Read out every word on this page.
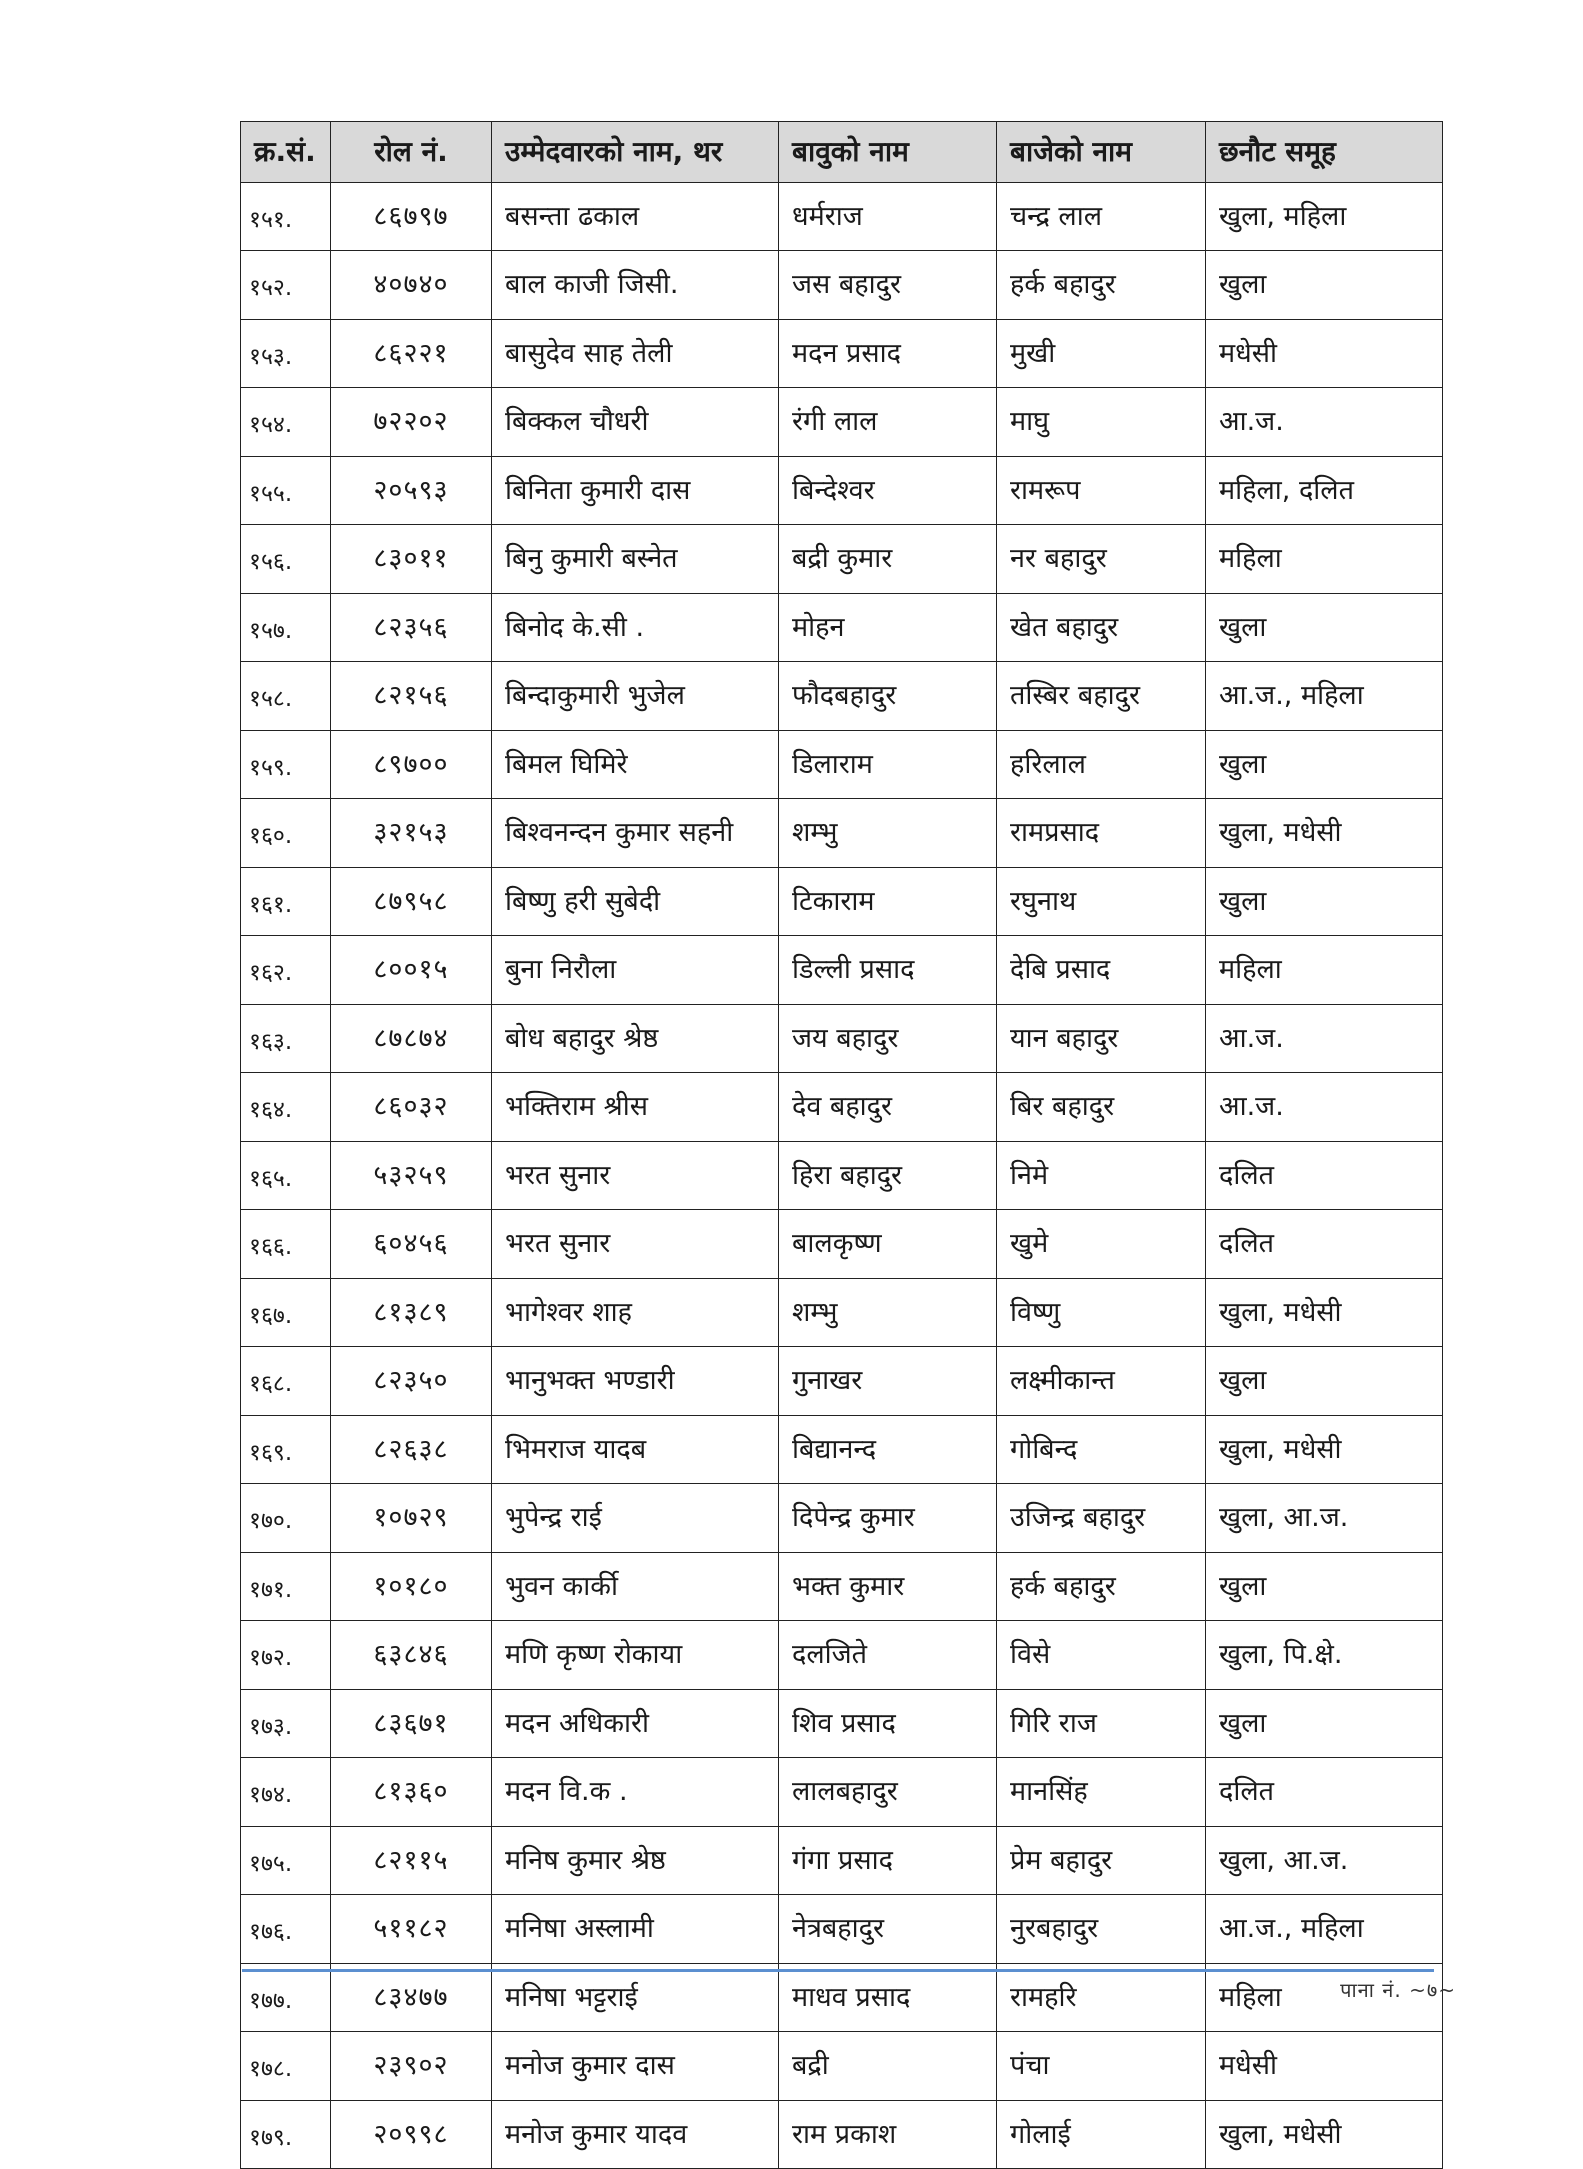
क्र.सं.	रोल नं.	उम्मेदवारको नाम, थर	बावुको नाम	बाजेको नाम	छनौट समूह
१५१.	८६७९७	बसन्ता ढकाल	धर्मराज	चन्द्र लाल	खुला, महिला
१५२.	४०७४०	बाल काजी जिसी.	जस बहादुर	हर्क बहादुर	खुला
१५३.	८६२२१	बासुदेव साह तेली	मदन प्रसाद	मुखी	मधेसी
१५४.	७२२०२	बिक्कल चौधरी	रंगी लाल	माघु	आ.ज.
१५५.	२०५९३	बिनिता कुमारी दास	बिन्देश्वर	रामरूप	महिला, दलित
१५६.	८३०११	बिनु कुमारी बस्नेत	बद्री कुमार	नर बहादुर	महिला
१५७.	८२३५६	बिनोद के.सी .	मोहन	खेत बहादुर	खुला
१५८.	८२१५६	बिन्दाकुमारी भुजेल	फौदबहादुर	तस्बिर बहादुर	आ.ज., महिला
१५९.	८९७००	बिमल घिमिरे	डिलाराम	हरिलाल	खुला
१६०.	३२१५३	बिश्वनन्दन कुमार सहनी	शम्भु	रामप्रसाद	खुला, मधेसी
१६१.	८७९५८	बिष्णु हरी सुबेदी	टिकाराम	रघुनाथ	खुला
१६२.	८००१५	बुना निरौला	डिल्ली प्रसाद	देबि प्रसाद	महिला
१६३.	८७८७४	बोध बहादुर श्रेष्ठ	जय बहादुर	यान बहादुर	आ.ज.
१६४.	८६०३२	भक्तिराम श्रीस	देव बहादुर	बिर बहादुर	आ.ज.
१६५.	५३२५९	भरत सुनार	हिरा बहादुर	निमे	दलित
१६६.	६०४५६	भरत सुनार	बालकृष्ण	खुमे	दलित
१६७.	८१३८९	भागेश्वर शाह	शम्भु	विष्णु	खुला, मधेसी
१६८.	८२३५०	भानुभक्त भण्डारी	गुनाखर	लक्ष्मीकान्त	खुला
१६९.	८२६३८	भिमराज यादब	बिद्यानन्द	गोबिन्द	खुला, मधेसी
१७०.	१०७२९	भुपेन्द्र राई	दिपेन्द्र कुमार	उजिन्द्र बहादुर	खुला, आ.ज.
१७१.	१०१८०	भुवन कार्की	भक्त कुमार	हर्क बहादुर	खुला
१७२.	६३८४६	मणि कृष्ण रोकाया	दलजिते	विसे	खुला, पि.क्षे.
१७३.	८३६७१	मदन अधिकारी	शिव प्रसाद	गिरि राज	खुला
१७४.	८१३६०	मदन वि.क .	लालबहादुर	मानसिंह	दलित
१७५.	८२११५	मनिष कुमार श्रेष्ठ	गंगा प्रसाद	प्रेम बहादुर	खुला, आ.ज.
१७६.	५११८२	मनिषा अस्लामी	नेत्रबहादुर	नुरबहादुर	आ.ज., महिला
१७७.	८३४७७	मनिषा भट्टराई	माधव प्रसाद	रामहरि	महिला
१७८.	२३९०२	मनोज कुमार दास	बद्री	पंचा	मधेसी
१७९.	२०९९८	मनोज कुमार यादव	राम प्रकाश	गोलाई	खुला, मधेसी
पाना नं. ~७~
